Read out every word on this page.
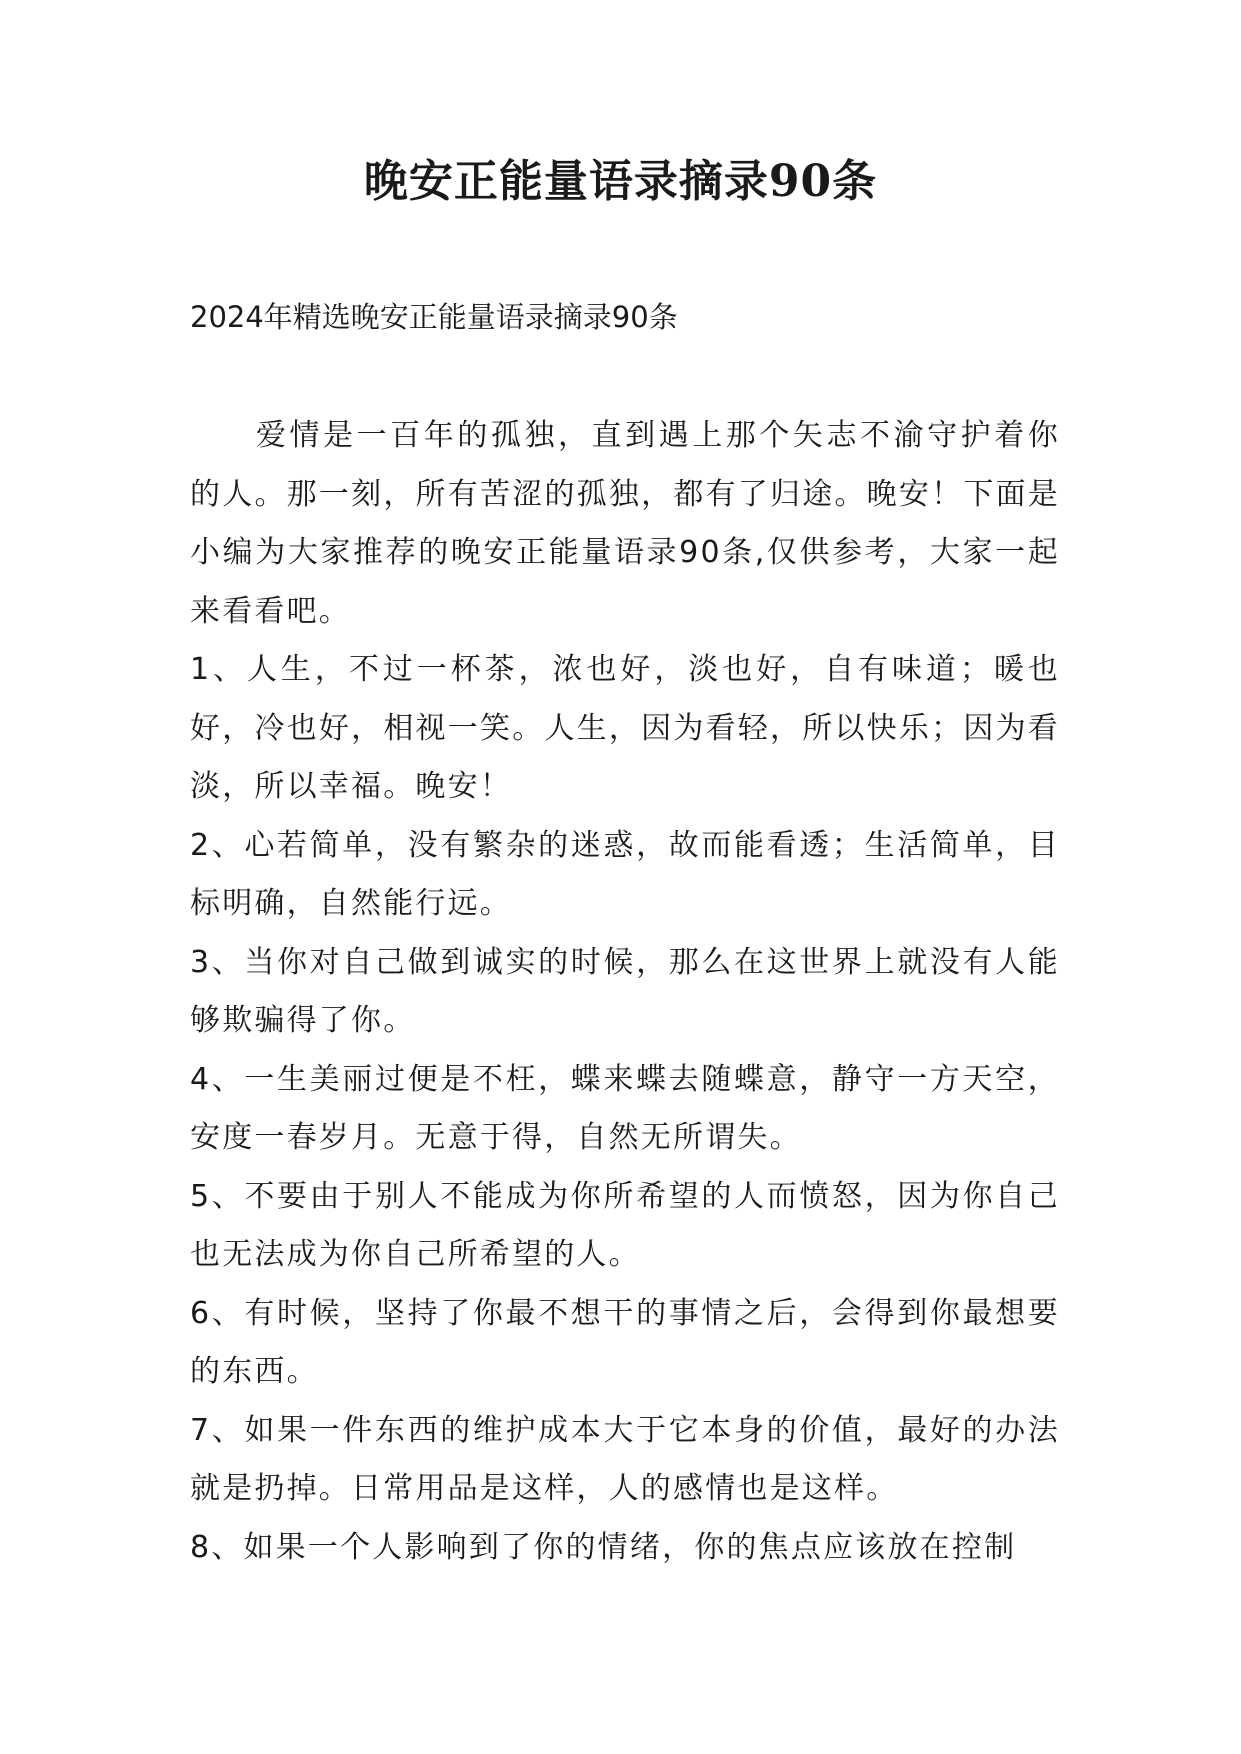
晚安正能量语录摘录90条

2024年精选晚安正能量语录摘录90条

爱情是一百年的孤独，直到遇上那个矢志不渝守护着你的人。那一刻，所有苦涩的孤独，都有了归途。晚安！下面是小编为大家推荐的晚安正能量语录90条,仅供参考，大家一起来看看吧。

1、人生，不过一杯茶，浓也好，淡也好，自有味道；暖也好，冷也好，相视一笑。人生，因为看轻，所以快乐；因为看淡，所以幸福。晚安！

2、心若简单，没有繁杂的迷惑，故而能看透；生活简单，目标明确，自然能行远。

3、当你对自己做到诚实的时候，那么在这世界上就没有人能够欺骗得了你。

4、一生美丽过便是不枉，蝶来蝶去随蝶意，静守一方天空，安度一春岁月。无意于得，自然无所谓失。

5、不要由于别人不能成为你所希望的人而愤怒，因为你自己也无法成为你自己所希望的人。

6、有时候，坚持了你最不想干的事情之后，会得到你最想要的东西。

7、如果一件东西的维护成本大于它本身的价值，最好的办法就是扔掉。日常用品是这样，人的感情也是这样。

8、如果一个人影响到了你的情绪，你的焦点应该放在控制
